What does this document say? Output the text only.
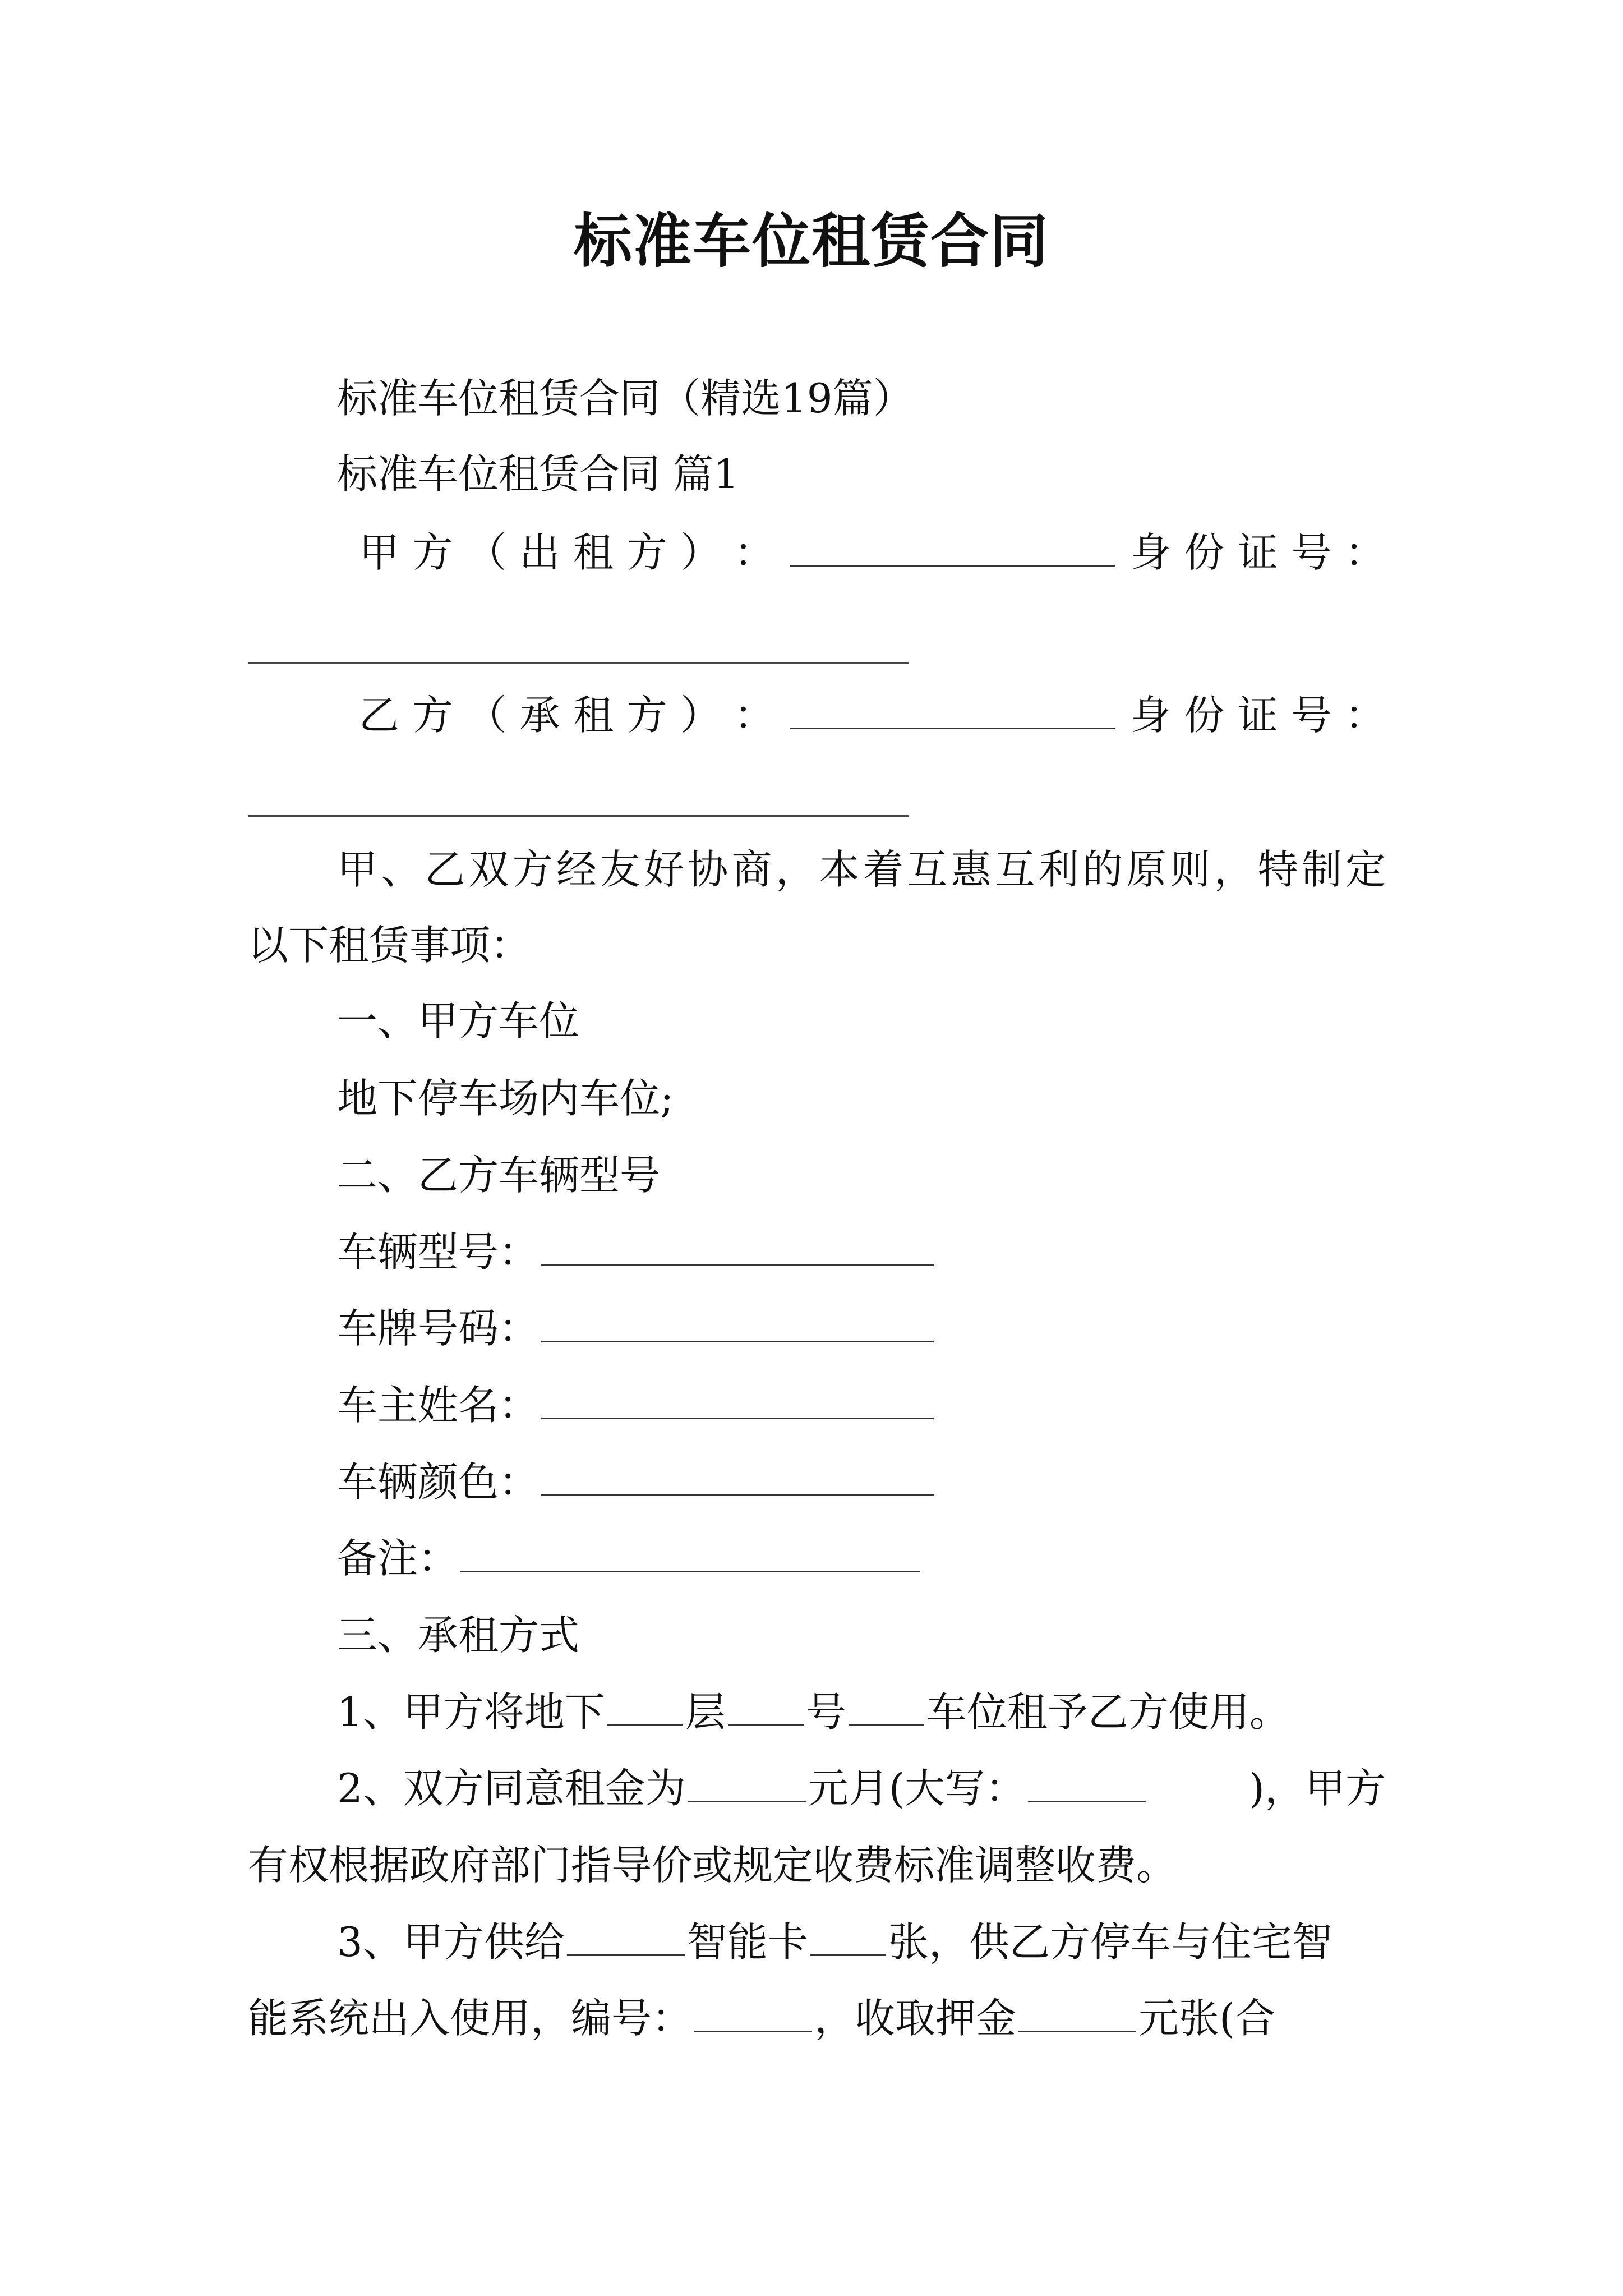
标准车位租赁合同
标准车位租赁合同（精选19篇）
标准车位租赁合同 篇1
甲 方 （ 出 租 方 ） ：	身 份 证 号 ：
乙 方 （ 承 租 方 ） ：	身 份 证 号 ：
甲、乙双方经友好协商，本着互惠互利的原则，特制定
以下租赁事项：
一、甲方车位
地下停车场内车位;
二、乙方车辆型号
车辆型号：
车牌号码：
车主姓名：
车辆颜色：
备注：
三、承租方式
1、甲方将地下 层 号 车位租予乙方使用。
2、双方同意租金为	元月(大写：	)，甲方
有权根据政府部门指导价或规定收费标准调整收费。
3、甲方供给	智能卡 张，供乙方停车与住宅智
能系统出入使用，编号：	，收取押金	元张(合
